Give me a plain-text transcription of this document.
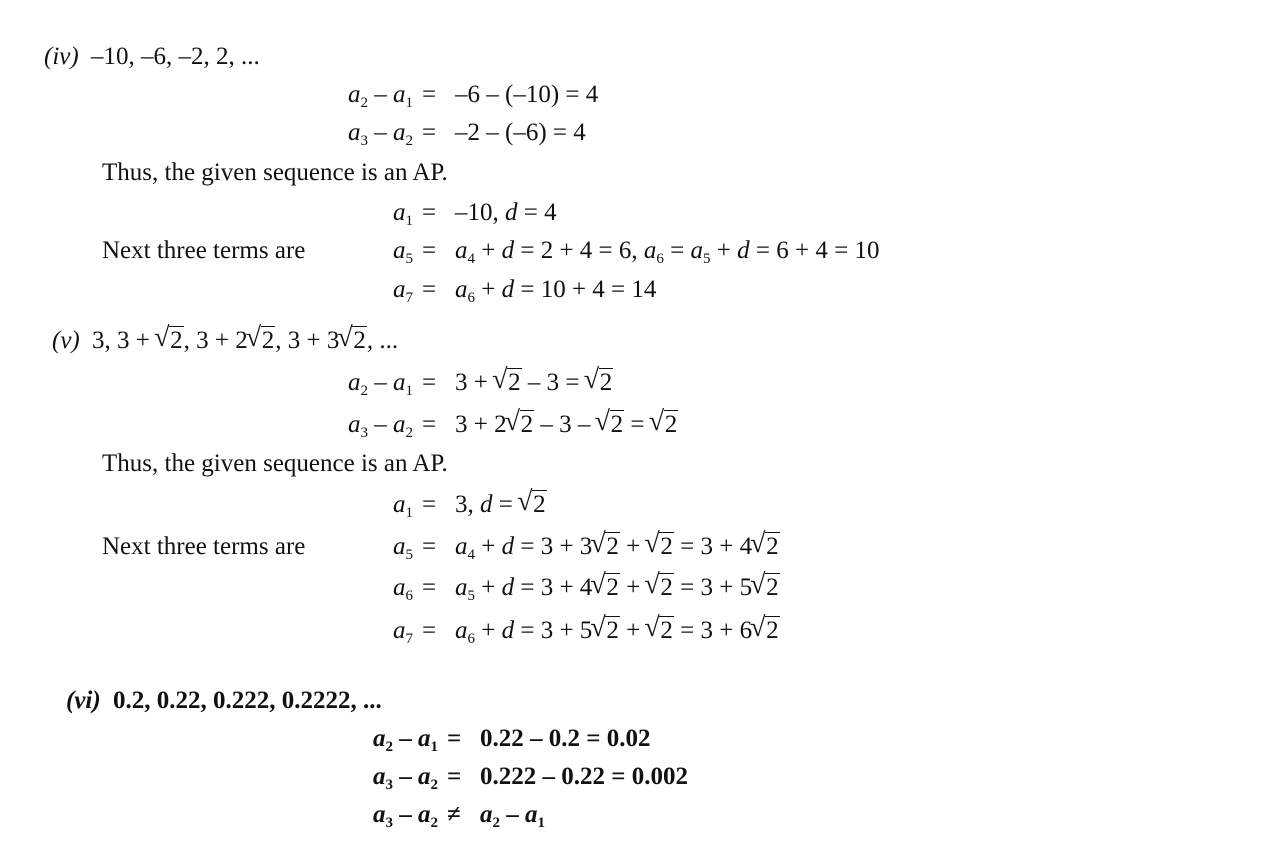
(iv) –10, –6, –2, 2, ...
$a_2 - a_1 = -6 - (-10) = 4$
$a_3 - a_2 = -2 - (-6) = 4$
Thus, the given sequence is an AP.
$a_1 = -10$, d = 4
Next three terms are	$a_5 = a_4 + d = 2 + 4 = 6$, $a_6 = a_5 + d = 6 + 4 = 10$
$a_7 = a_6 + d = 10 + 4 = 14$
(v) 3, 3 + √ 2, 3 + 2√ 2, 3 + 3√ 2, ...
$a_2 - a_1 = 3$ + √ 2 – 3 = √ 2
$a_3 - a_2 = 3 + 2√$ 2 – 3 – √ 2 = √ 2
Thus, the given sequence is an AP.
$a_1 = 3$, d = √ 2
Next three terms are	$a_5 = a_4 + d = 3 + 3√$ 2 + √ 2 = 3 + 4√ 2
$a_6 = a_5 + d = 3 + 4√$ 2 + √ 2 = 3 + 5√ 2
$a_7 = a_6 + d = 3 + 5√$ 2 + √ 2 = 3 + 6√ 2
(vi) 0.2, 0.22, 0.222, 0.2222, ...
$a_2 - a_1 = 0.22 - 0.2 = 0.02$
$a_3 - a_2 = 0.222 - 0.22 = 0.002$
$a_3 - a_2 \ne a_2 - a_1$
